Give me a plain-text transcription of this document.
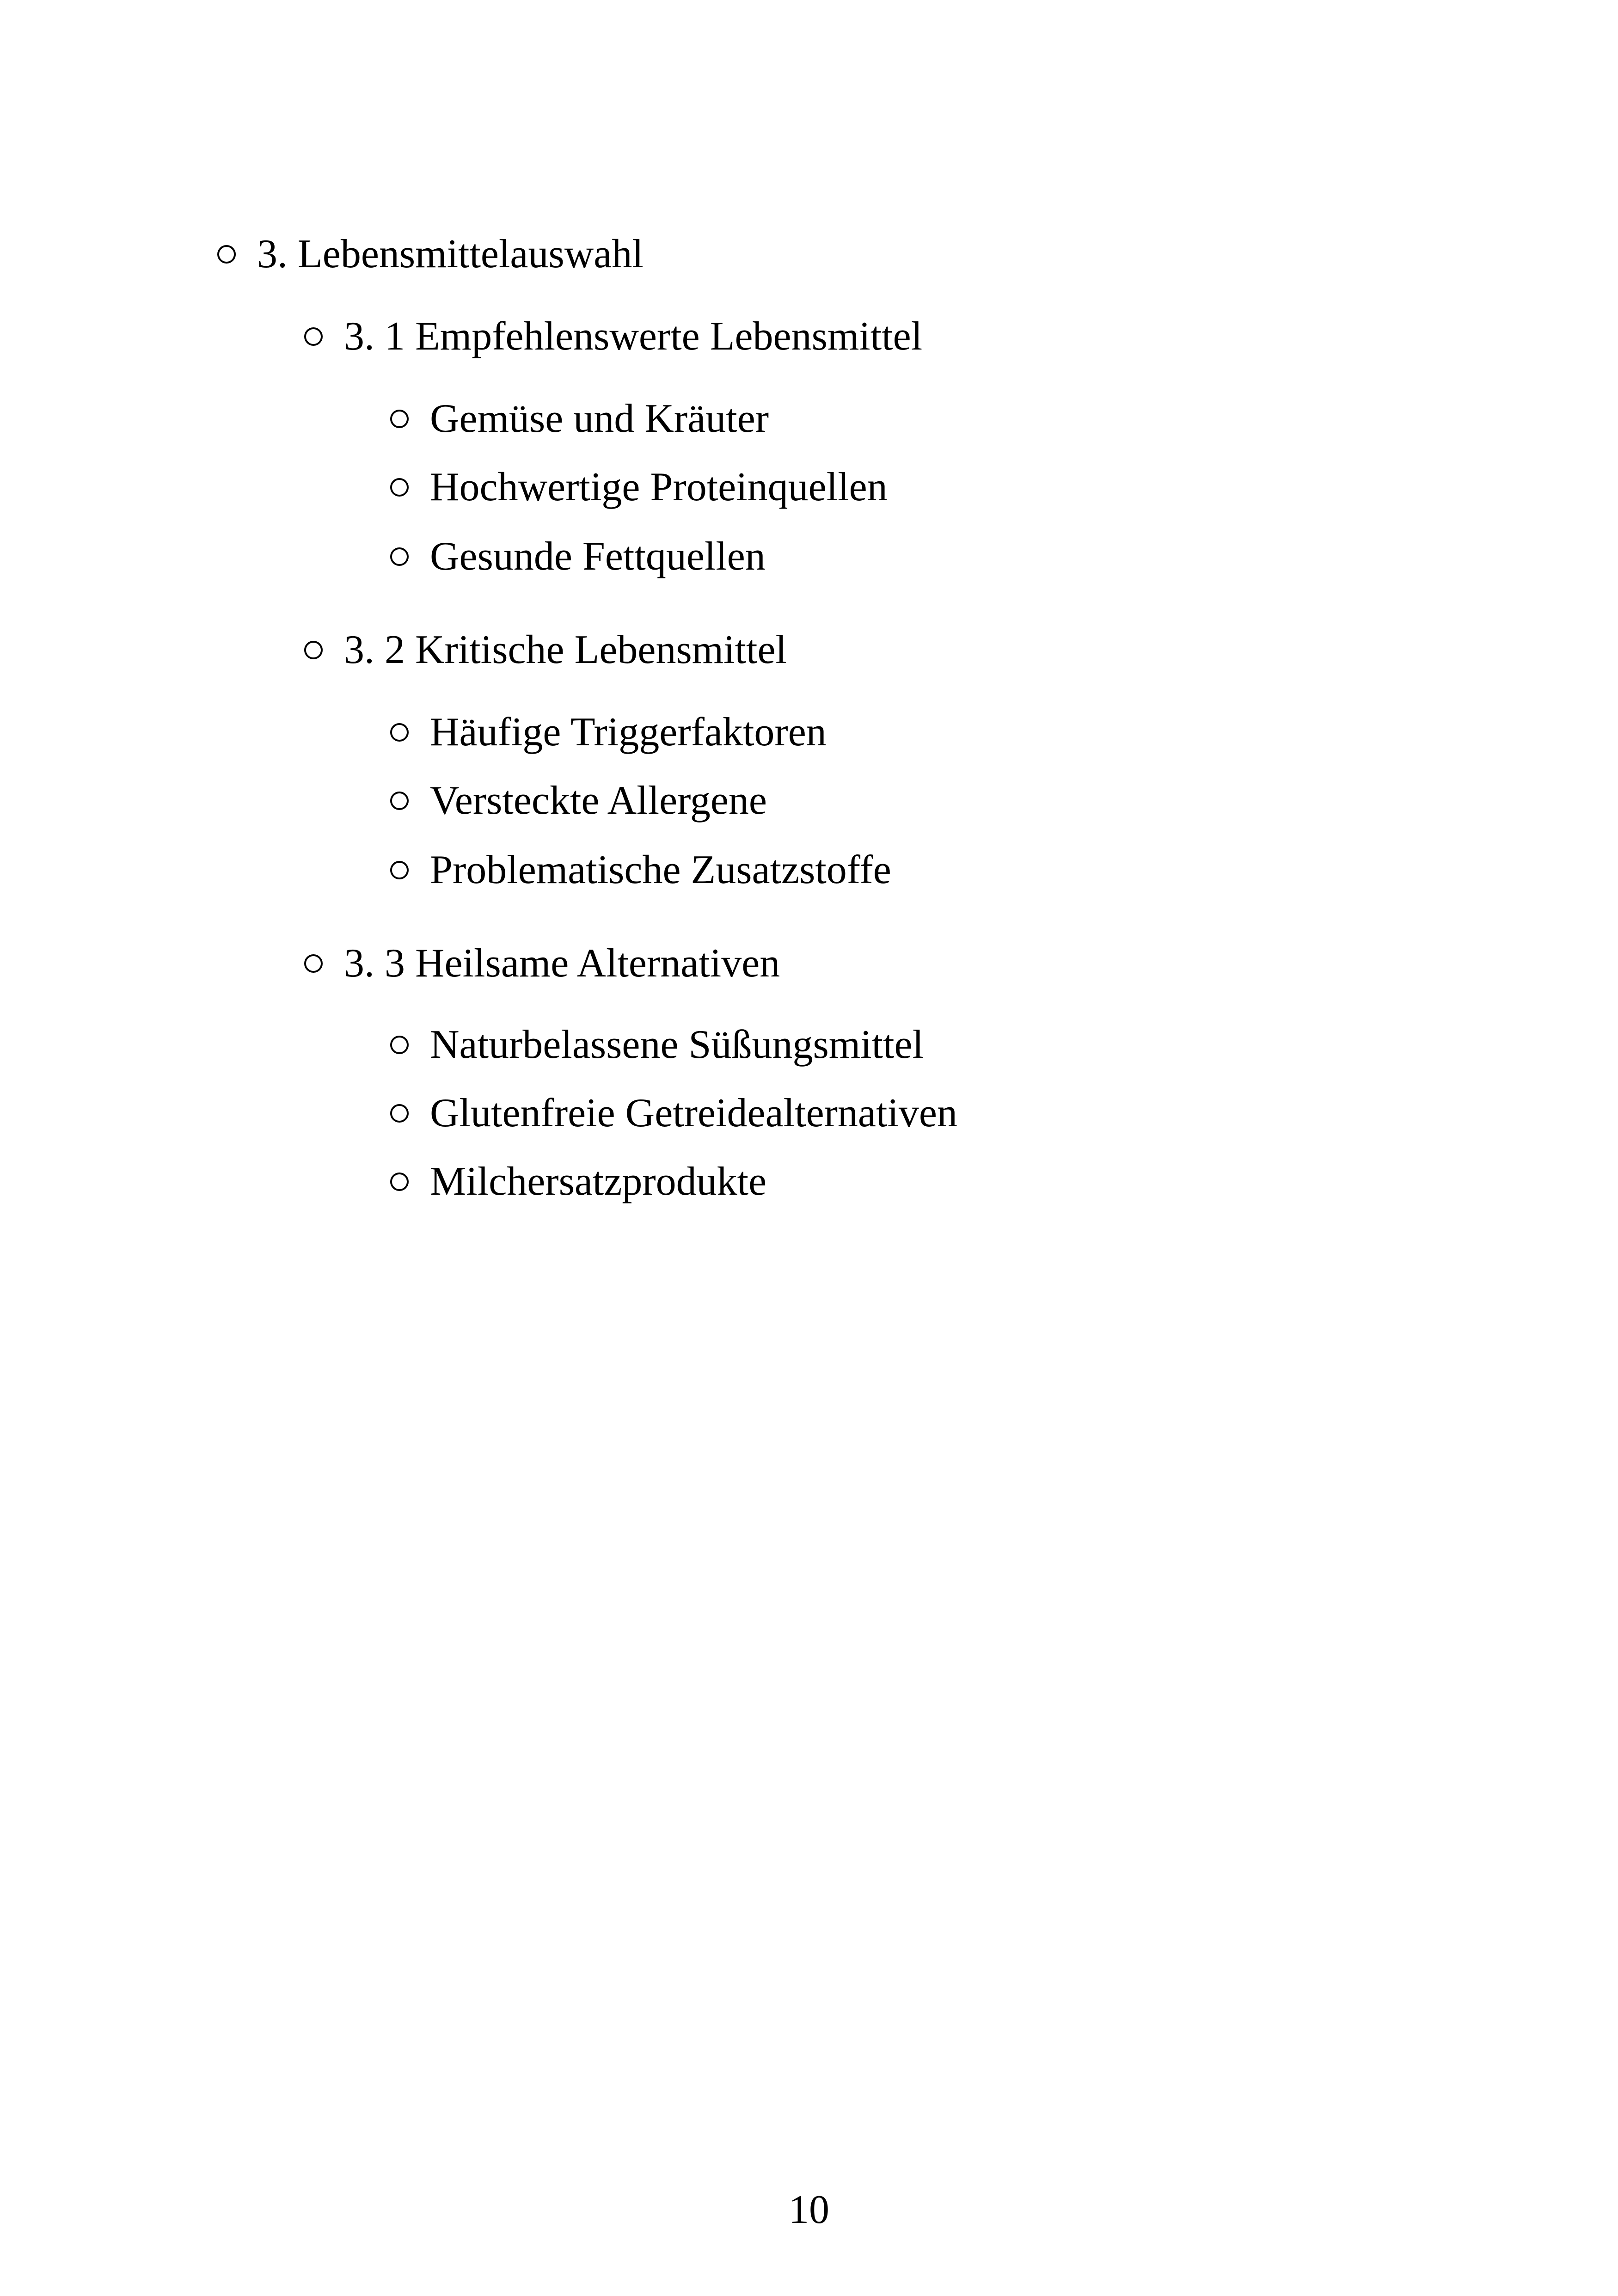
3. Lebensmittelauswahl
3. 1 Empfehlenswerte Lebensmittel
Gemüse und Kräuter
Hochwertige Proteinquellen
Gesunde Fettquellen
3. 2 Kritische Lebensmittel
Häufige Triggerfaktoren
Versteckte Allergene
Problematische Zusatzstoffe
3. 3 Heilsame Alternativen
Naturbelassene Süßungsmittel
Glutenfreie Getreidealternativen
Milchersatzprodukte
10
